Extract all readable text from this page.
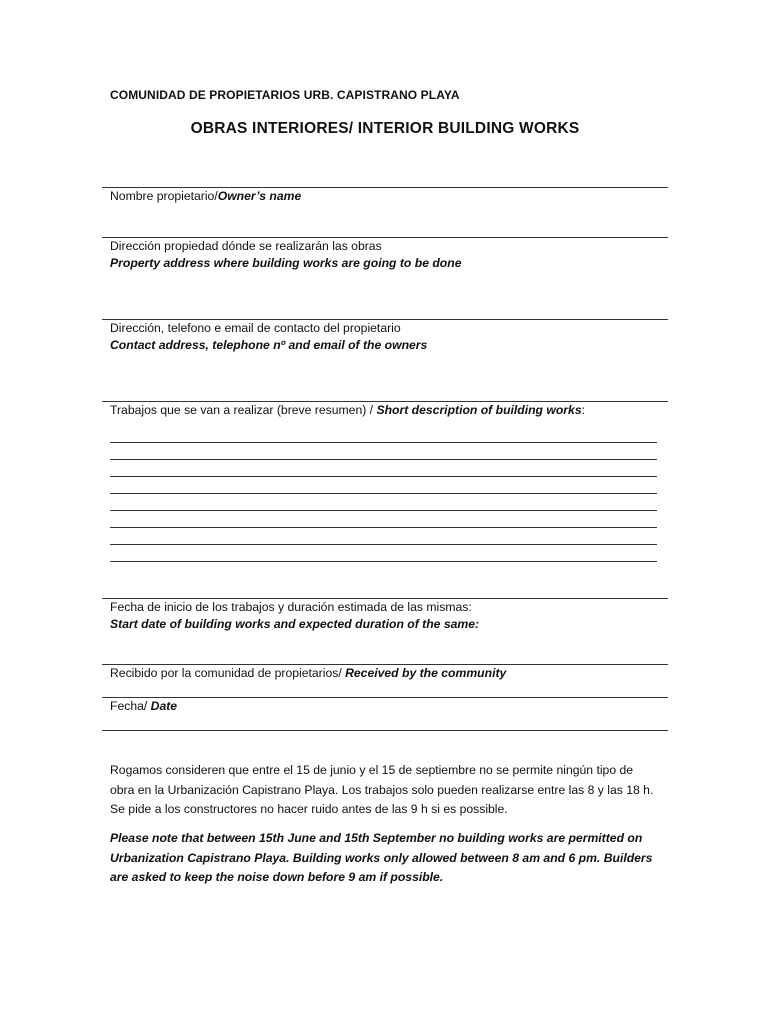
COMUNIDAD DE PROPIETARIOS URB. CAPISTRANO PLAYA
OBRAS INTERIORES/ INTERIOR BUILDING WORKS
Nombre propietario/Owner’s name
Dirección propiedad dónde se realizarán las obras
Property address where building works are going to be done
Dirección, telefono e email de contacto del propietario
Contact address, telephone nº and email of the owners
Trabajos que se van a realizar (breve resumen) / Short description of building works:
Fecha de inicio de los trabajos y duración estimada de las mismas:
Start date of building works and expected duration of the same:
Recibido por la comunidad de propietarios/ Received by the community
Fecha/ Date
Rogamos consideren que entre el 15 de junio y el 15 de septiembre no se permite ningún tipo de obra en la Urbanización Capistrano Playa. Los trabajos solo pueden realizarse entre las 8 y las 18 h. Se pide a los constructores no hacer ruido antes de las 9 h si es possible.
Please note that between 15th June and 15th September no building works are permitted on Urbanization Capistrano Playa. Building works only allowed between 8 am and 6 pm. Builders are asked to keep the noise down before 9 am if possible.
